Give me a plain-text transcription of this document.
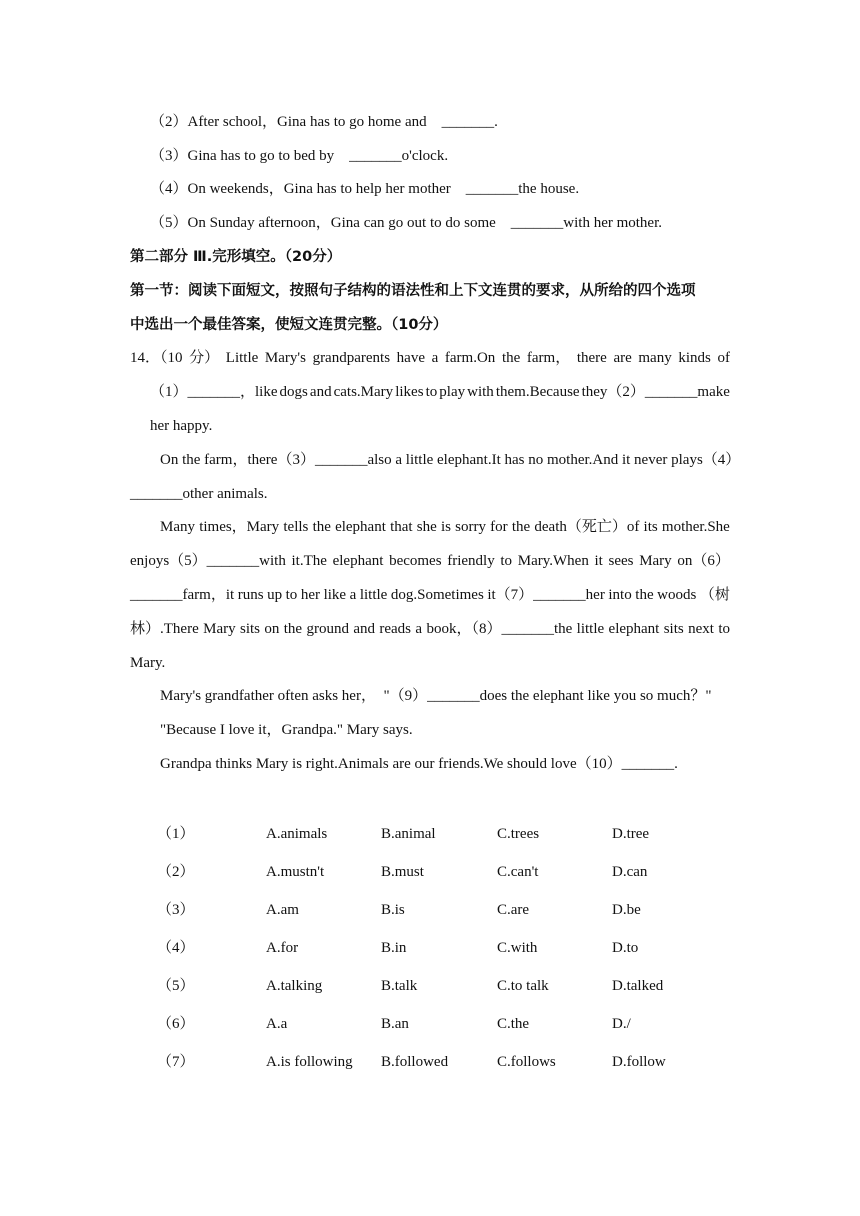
（2）After school，Gina has to go home and　_______.
（3）Gina has to go to bed by　_______o'clock.
（4）On weekends，Gina has to help her mother　_______the house.
（5）On Sunday afternoon，Gina can go out to do some　_______with her mother.
第二部分 Ⅲ.完形填空。（20分）
第一节：阅读下面短文，按照句子结构的语法性和上下文连贯的要求，从所给的四个选项
中选出一个最佳答案，使短文连贯完整。（10分）
14．（10 分） Little Mary's grandparents have a farm.On the farm， there are many kinds of
（1）_______，like dogs and cats.Mary likes to play with them.Because they（2）_______make
her happy.
On the farm，there（3）_______also a little elephant.It has no mother.And it never plays（4）
_______other animals.
Many times，Mary tells the elephant that she is sorry for the death（死亡）of its mother.She
enjoys（5）_______with it.The elephant becomes friendly to Mary.When it sees Mary on（6）
_______farm，it runs up to her like a little dog.Sometimes it（7）_______her into the woods （树
林）.There Mary sits on the ground and reads a book，（8）_______the little elephant sits next to
Mary.
Mary's grandfather often asks her，　"（9）_______does the elephant like you so much？"
"Because I love it，Grandpa." Mary says.
Grandpa thinks Mary is right.Animals are our friends.We should love（10）_______.
（1）	A.animals	B.animal	C.trees	D.tree
（2）	A.mustn't	B.must	C.can't	D.can
（3）	A.am	B.is	C.are	D.be
（4）	A.for	B.in	C.with	D.to
（5）	A.talking	B.talk	C.to talk	D.talked
（6）	A.a	B.an	C.the	D./
（7）	A.is following B.followed	C.follows	D.follow
